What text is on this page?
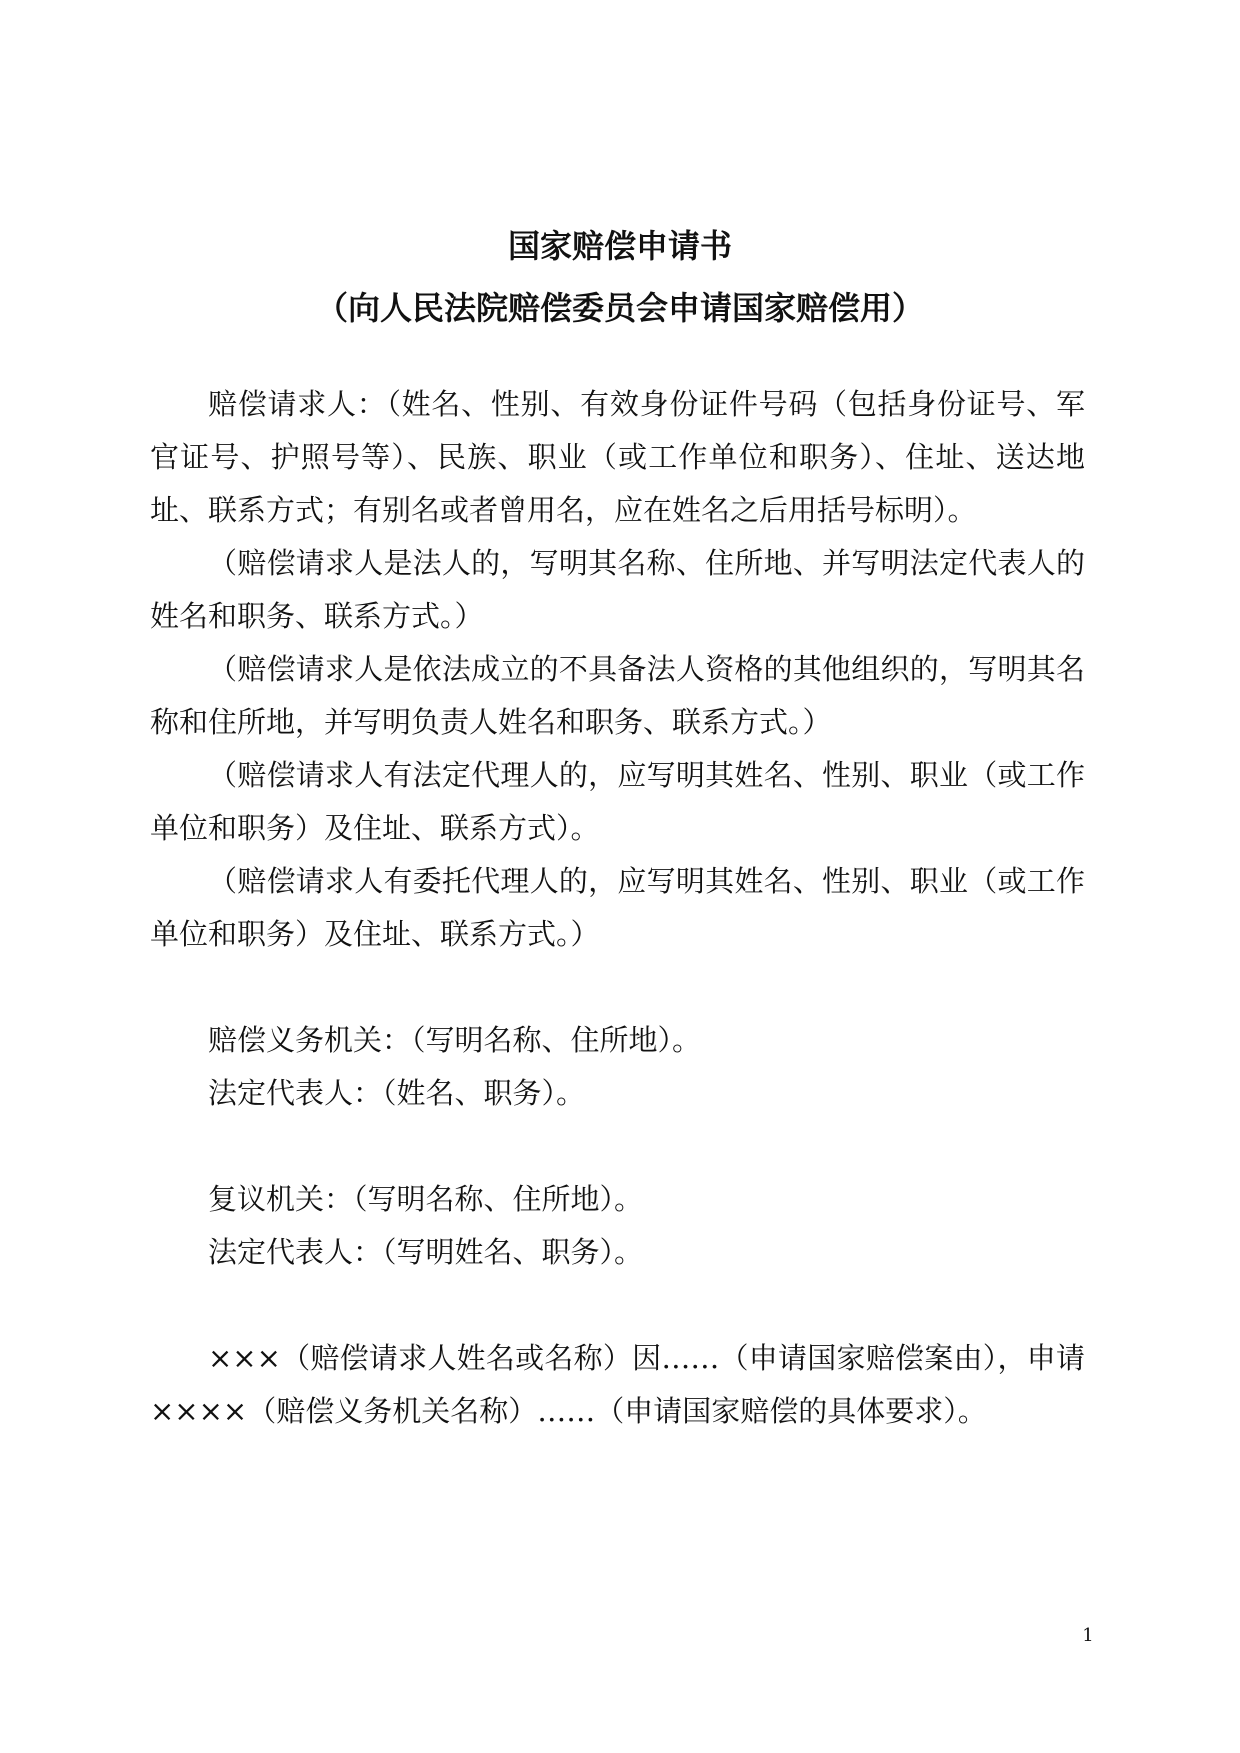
国家赔偿申请书
（向人民法院赔偿委员会申请国家赔偿用）

赔偿请求人：（姓名、性别、有效身份证件号码（包括身份证号、军官证号、护照号等）、民族、职业（或工作单位和职务）、住址、送达地址、联系方式；有别名或者曾用名，应在姓名之后用括号标明）。

（赔偿请求人是法人的，写明其名称、住所地、并写明法定代表人的姓名和职务、联系方式。）

（赔偿请求人是依法成立的不具备法人资格的其他组织的，写明其名称和住所地，并写明负责人姓名和职务、联系方式。）

（赔偿请求人有法定代理人的，应写明其姓名、性别、职业（或工作单位和职务）及住址、联系方式）。

（赔偿请求人有委托代理人的，应写明其姓名、性别、职业（或工作单位和职务）及住址、联系方式。）

赔偿义务机关：（写明名称、住所地）。

法定代表人：（姓名、职务）。

复议机关：（写明名称、住所地）。

法定代表人：（写明姓名、职务）。

×××（赔偿请求人姓名或名称）因……（申请国家赔偿案由），申请××××（赔偿义务机关名称）……（申请国家赔偿的具体要求）。

1
